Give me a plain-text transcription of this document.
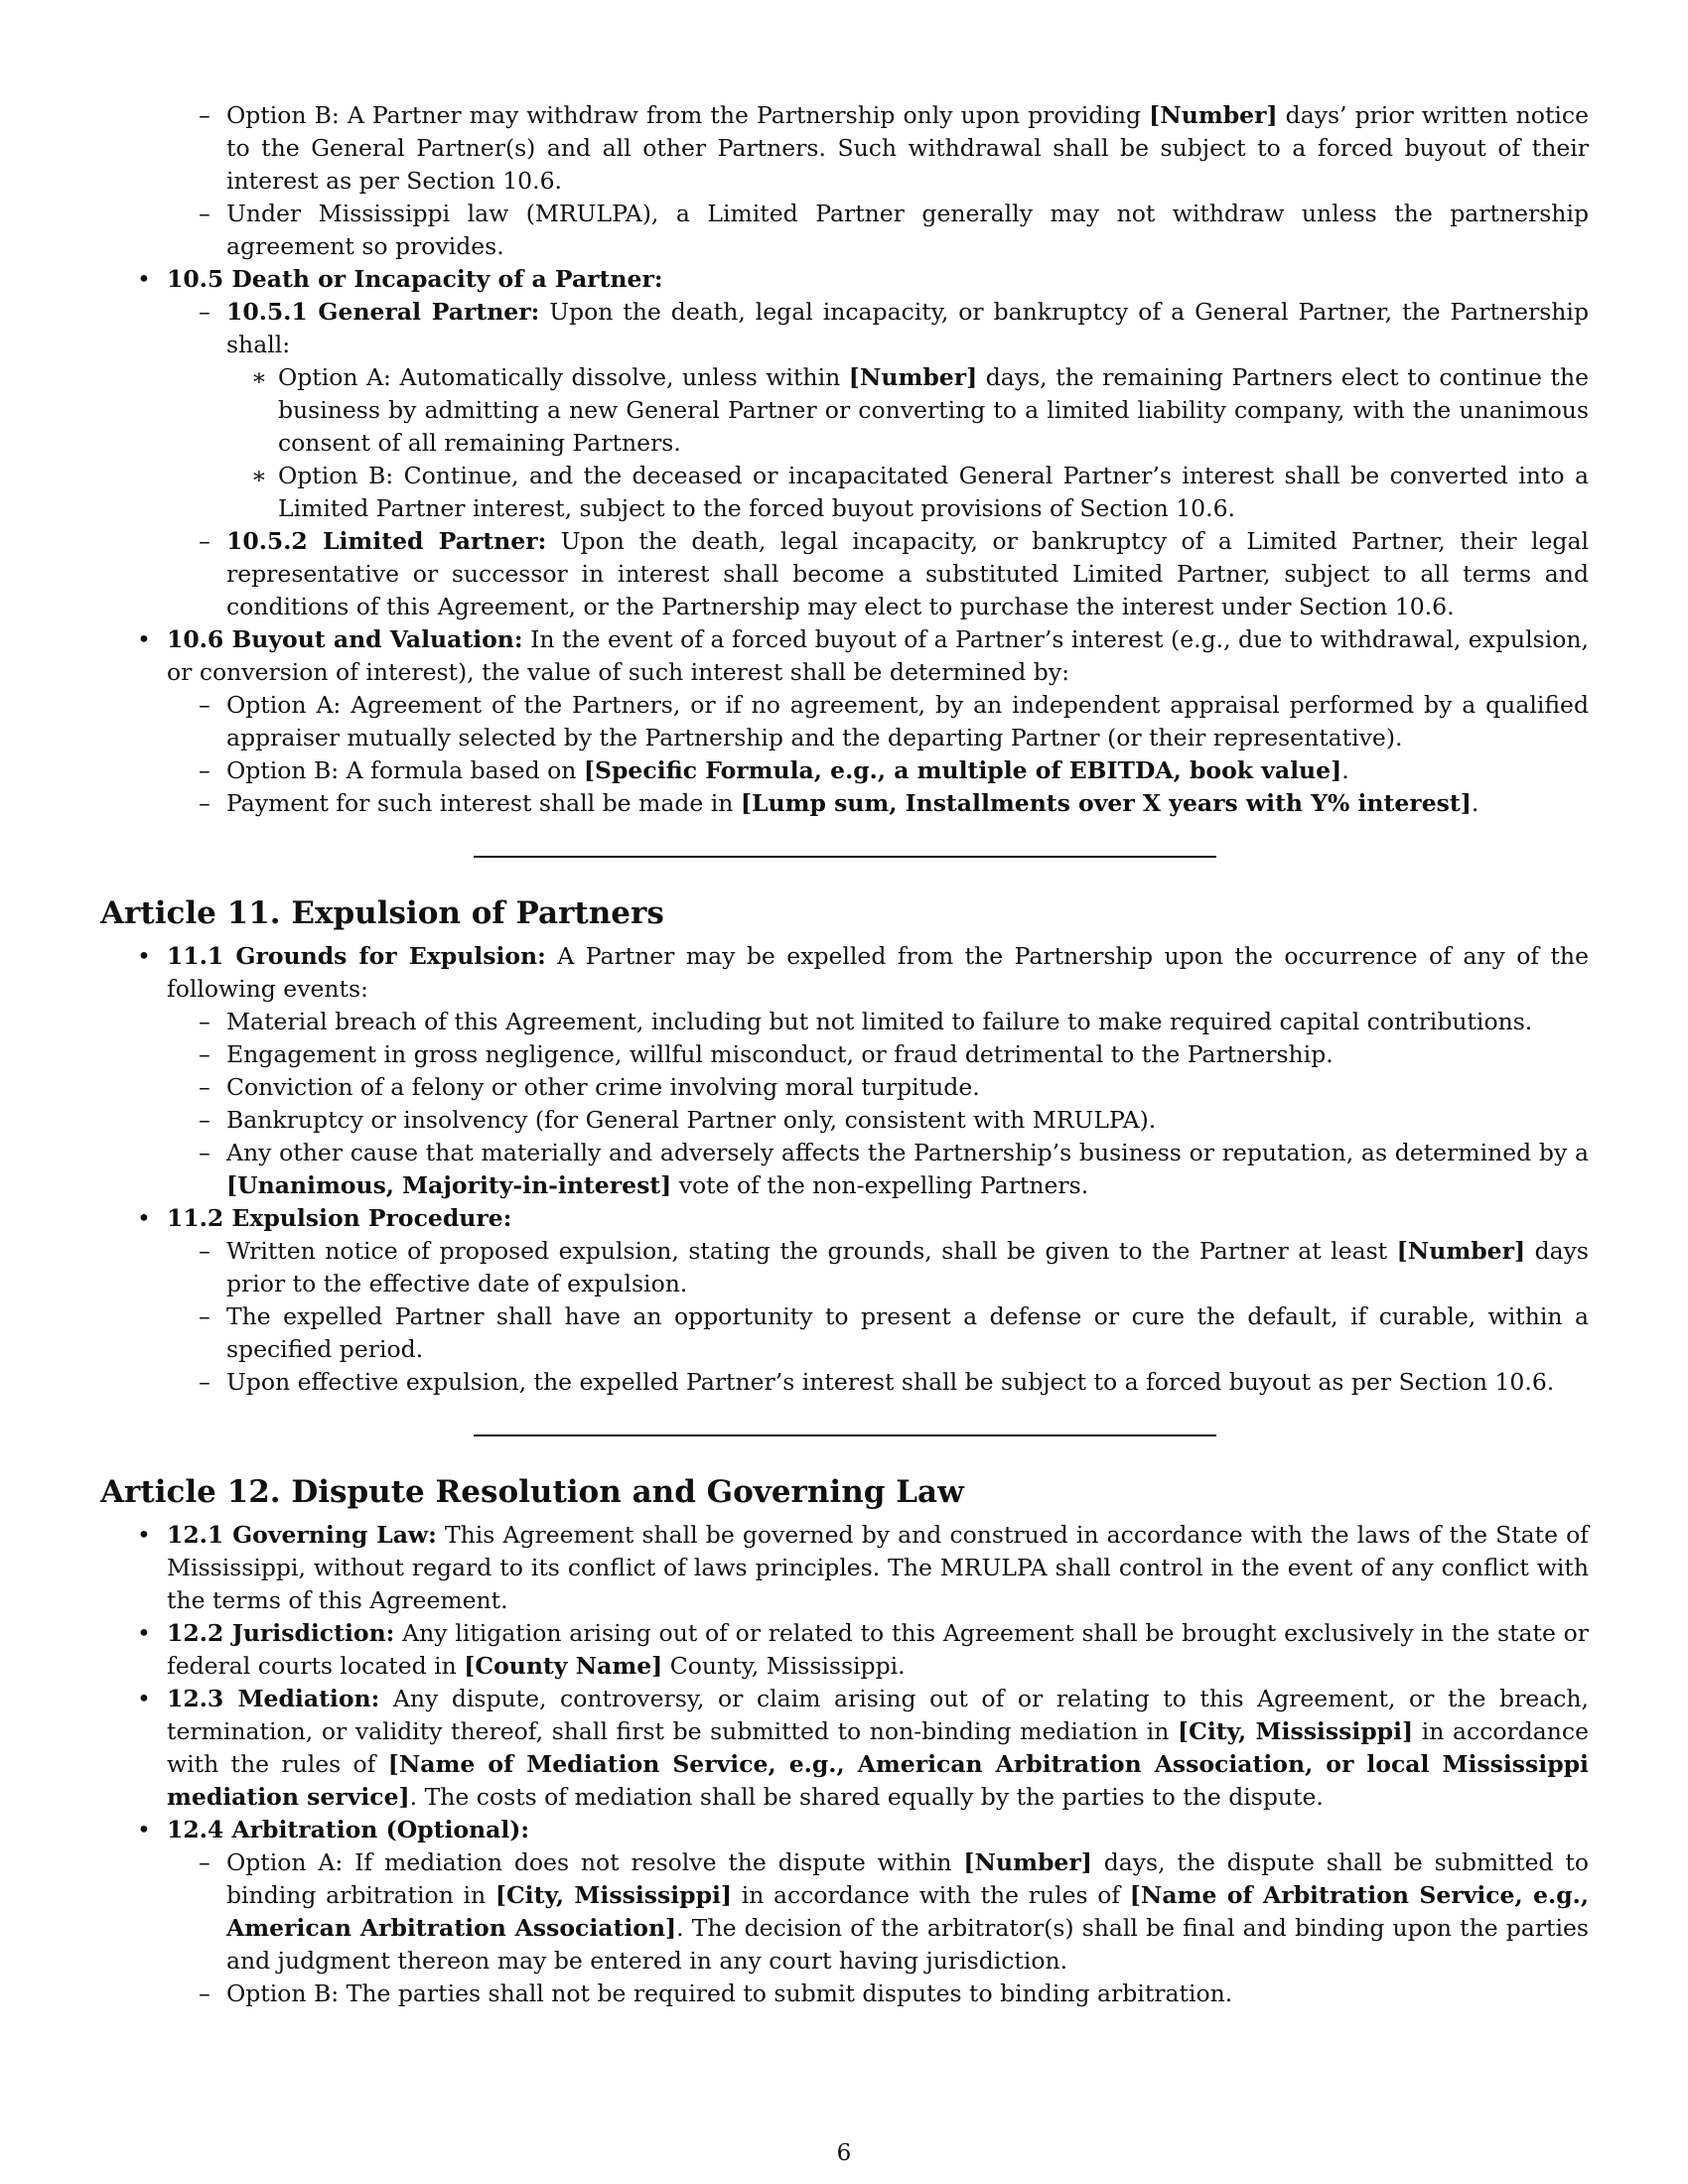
– Option B: A Partner may withdraw from the Partnership only upon providing [Number] days’ prior written notice to the General Partner(s) and all other Partners. Such withdrawal shall be subject to a forced buyout of their interest as per Section 10.6.
– Under Mississippi law (MRULPA), a Limited Partner generally may not withdraw unless the partnership agreement so provides.
• 10.5 Death or Incapacity of a Partner:
– 10.5.1 General Partner: Upon the death, legal incapacity, or bankruptcy of a General Partner, the Partnership shall:
∗ Option A: Automatically dissolve, unless within [Number] days, the remaining Partners elect to continue the business by admitting a new General Partner or converting to a limited liability company, with the unanimous consent of all remaining Partners.
∗ Option B: Continue, and the deceased or incapacitated General Partner’s interest shall be converted into a Limited Partner interest, subject to the forced buyout provisions of Section 10.6.
– 10.5.2 Limited Partner: Upon the death, legal incapacity, or bankruptcy of a Limited Partner, their legal representative or successor in interest shall become a substituted Limited Partner, subject to all terms and conditions of this Agreement, or the Partnership may elect to purchase the interest under Section 10.6.
• 10.6 Buyout and Valuation: In the event of a forced buyout of a Partner’s interest (e.g., due to withdrawal, expulsion, or conversion of interest), the value of such interest shall be determined by:
– Option A: Agreement of the Partners, or if no agreement, by an independent appraisal performed by a qualified appraiser mutually selected by the Partnership and the departing Partner (or their representative).
– Option B: A formula based on [Specific Formula, e.g., a multiple of EBITDA, book value].
– Payment for such interest shall be made in [Lump sum, Installments over X years with Y% interest].
Article 11. Expulsion of Partners
• 11.1 Grounds for Expulsion: A Partner may be expelled from the Partnership upon the occurrence of any of the following events:
– Material breach of this Agreement, including but not limited to failure to make required capital contributions.
– Engagement in gross negligence, willful misconduct, or fraud detrimental to the Partnership.
– Conviction of a felony or other crime involving moral turpitude.
– Bankruptcy or insolvency (for General Partner only, consistent with MRULPA).
– Any other cause that materially and adversely affects the Partnership’s business or reputation, as determined by a [Unanimous, Majority-in-interest] vote of the non-expelling Partners.
• 11.2 Expulsion Procedure:
– Written notice of proposed expulsion, stating the grounds, shall be given to the Partner at least [Number] days prior to the effective date of expulsion.
– The expelled Partner shall have an opportunity to present a defense or cure the default, if curable, within a specified period.
– Upon effective expulsion, the expelled Partner’s interest shall be subject to a forced buyout as per Section 10.6.
Article 12. Dispute Resolution and Governing Law
• 12.1 Governing Law: This Agreement shall be governed by and construed in accordance with the laws of the State of Mississippi, without regard to its conflict of laws principles. The MRULPA shall control in the event of any conflict with the terms of this Agreement.
• 12.2 Jurisdiction: Any litigation arising out of or related to this Agreement shall be brought exclusively in the state or federal courts located in [County Name] County, Mississippi.
• 12.3 Mediation: Any dispute, controversy, or claim arising out of or relating to this Agreement, or the breach, termination, or validity thereof, shall first be submitted to non-binding mediation in [City, Mississippi] in accordance with the rules of [Name of Mediation Service, e.g., American Arbitration Association, or local Mississippi mediation service]. The costs of mediation shall be shared equally by the parties to the dispute.
• 12.4 Arbitration (Optional):
– Option A: If mediation does not resolve the dispute within [Number] days, the dispute shall be submitted to binding arbitration in [City, Mississippi] in accordance with the rules of [Name of Arbitration Service, e.g., American Arbitration Association]. The decision of the arbitrator(s) shall be final and binding upon the parties and judgment thereon may be entered in any court having jurisdiction.
– Option B: The parties shall not be required to submit disputes to binding arbitration.
6
